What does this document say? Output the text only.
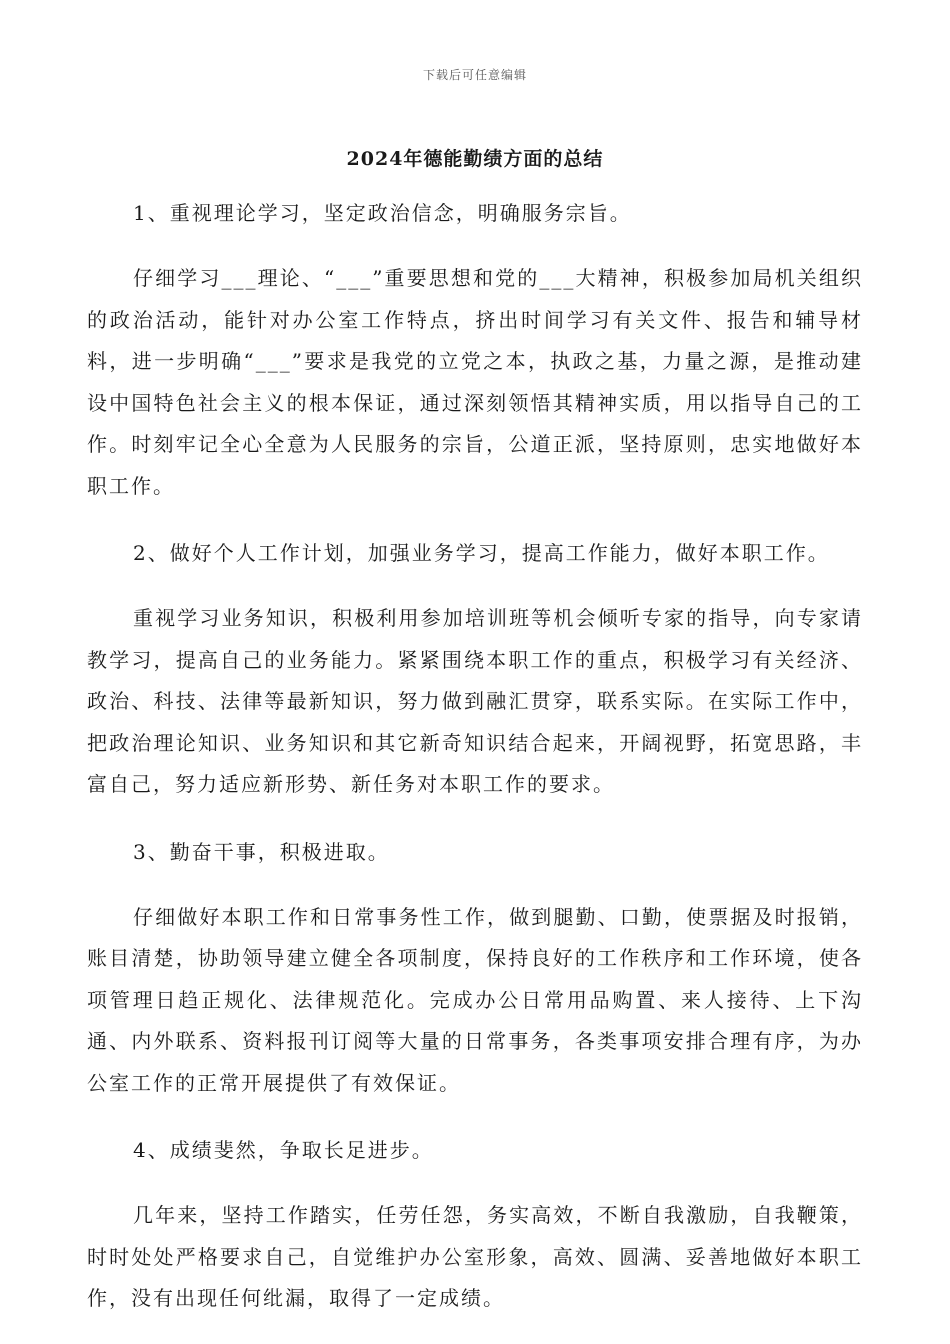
下载后可任意编辑
2024年德能勤绩方面的总结

1、重视理论学习，坚定政治信念，明确服务宗旨。

仔细学习___理论、“___”重要思想和党的___大精神，积极参加局机关组织的政治活动，能针对办公室工作特点，挤出时间学习有关文件、报告和辅导材料，进一步明确“___”要求是我党的立党之本，执政之基，力量之源，是推动建设中国特色社会主义的根本保证，通过深刻领悟其精神实质，用以指导自己的工作。时刻牢记全心全意为人民服务的宗旨，公道正派，坚持原则，忠实地做好本职工作。

2、做好个人工作计划，加强业务学习，提高工作能力，做好本职工作。

重视学习业务知识，积极利用参加培训班等机会倾听专家的指导，向专家请教学习，提高自己的业务能力。紧紧围绕本职工作的重点，积极学习有关经济、政治、科技、法律等最新知识，努力做到融汇贯穿，联系实际。在实际工作中，把政治理论知识、业务知识和其它新奇知识结合起来，开阔视野，拓宽思路，丰富自己，努力适应新形势、新任务对本职工作的要求。

3、勤奋干事，积极进取。

仔细做好本职工作和日常事务性工作，做到腿勤、口勤，使票据及时报销，账目清楚，协助领导建立健全各项制度，保持良好的工作秩序和工作环境，使各项管理日趋正规化、法律规范化。完成办公日常用品购置、来人接待、上下沟通、内外联系、资料报刊订阅等大量的日常事务，各类事项安排合理有序，为办公室工作的正常开展提供了有效保证。

4、成绩斐然，争取长足进步。

几年来，坚持工作踏实，任劳任怨，务实高效，不断自我激励，自我鞭策，时时处处严格要求自己，自觉维护办公室形象，高效、圆满、妥善地做好本职工作，没有出现任何纰漏，取得了一定成绩。
